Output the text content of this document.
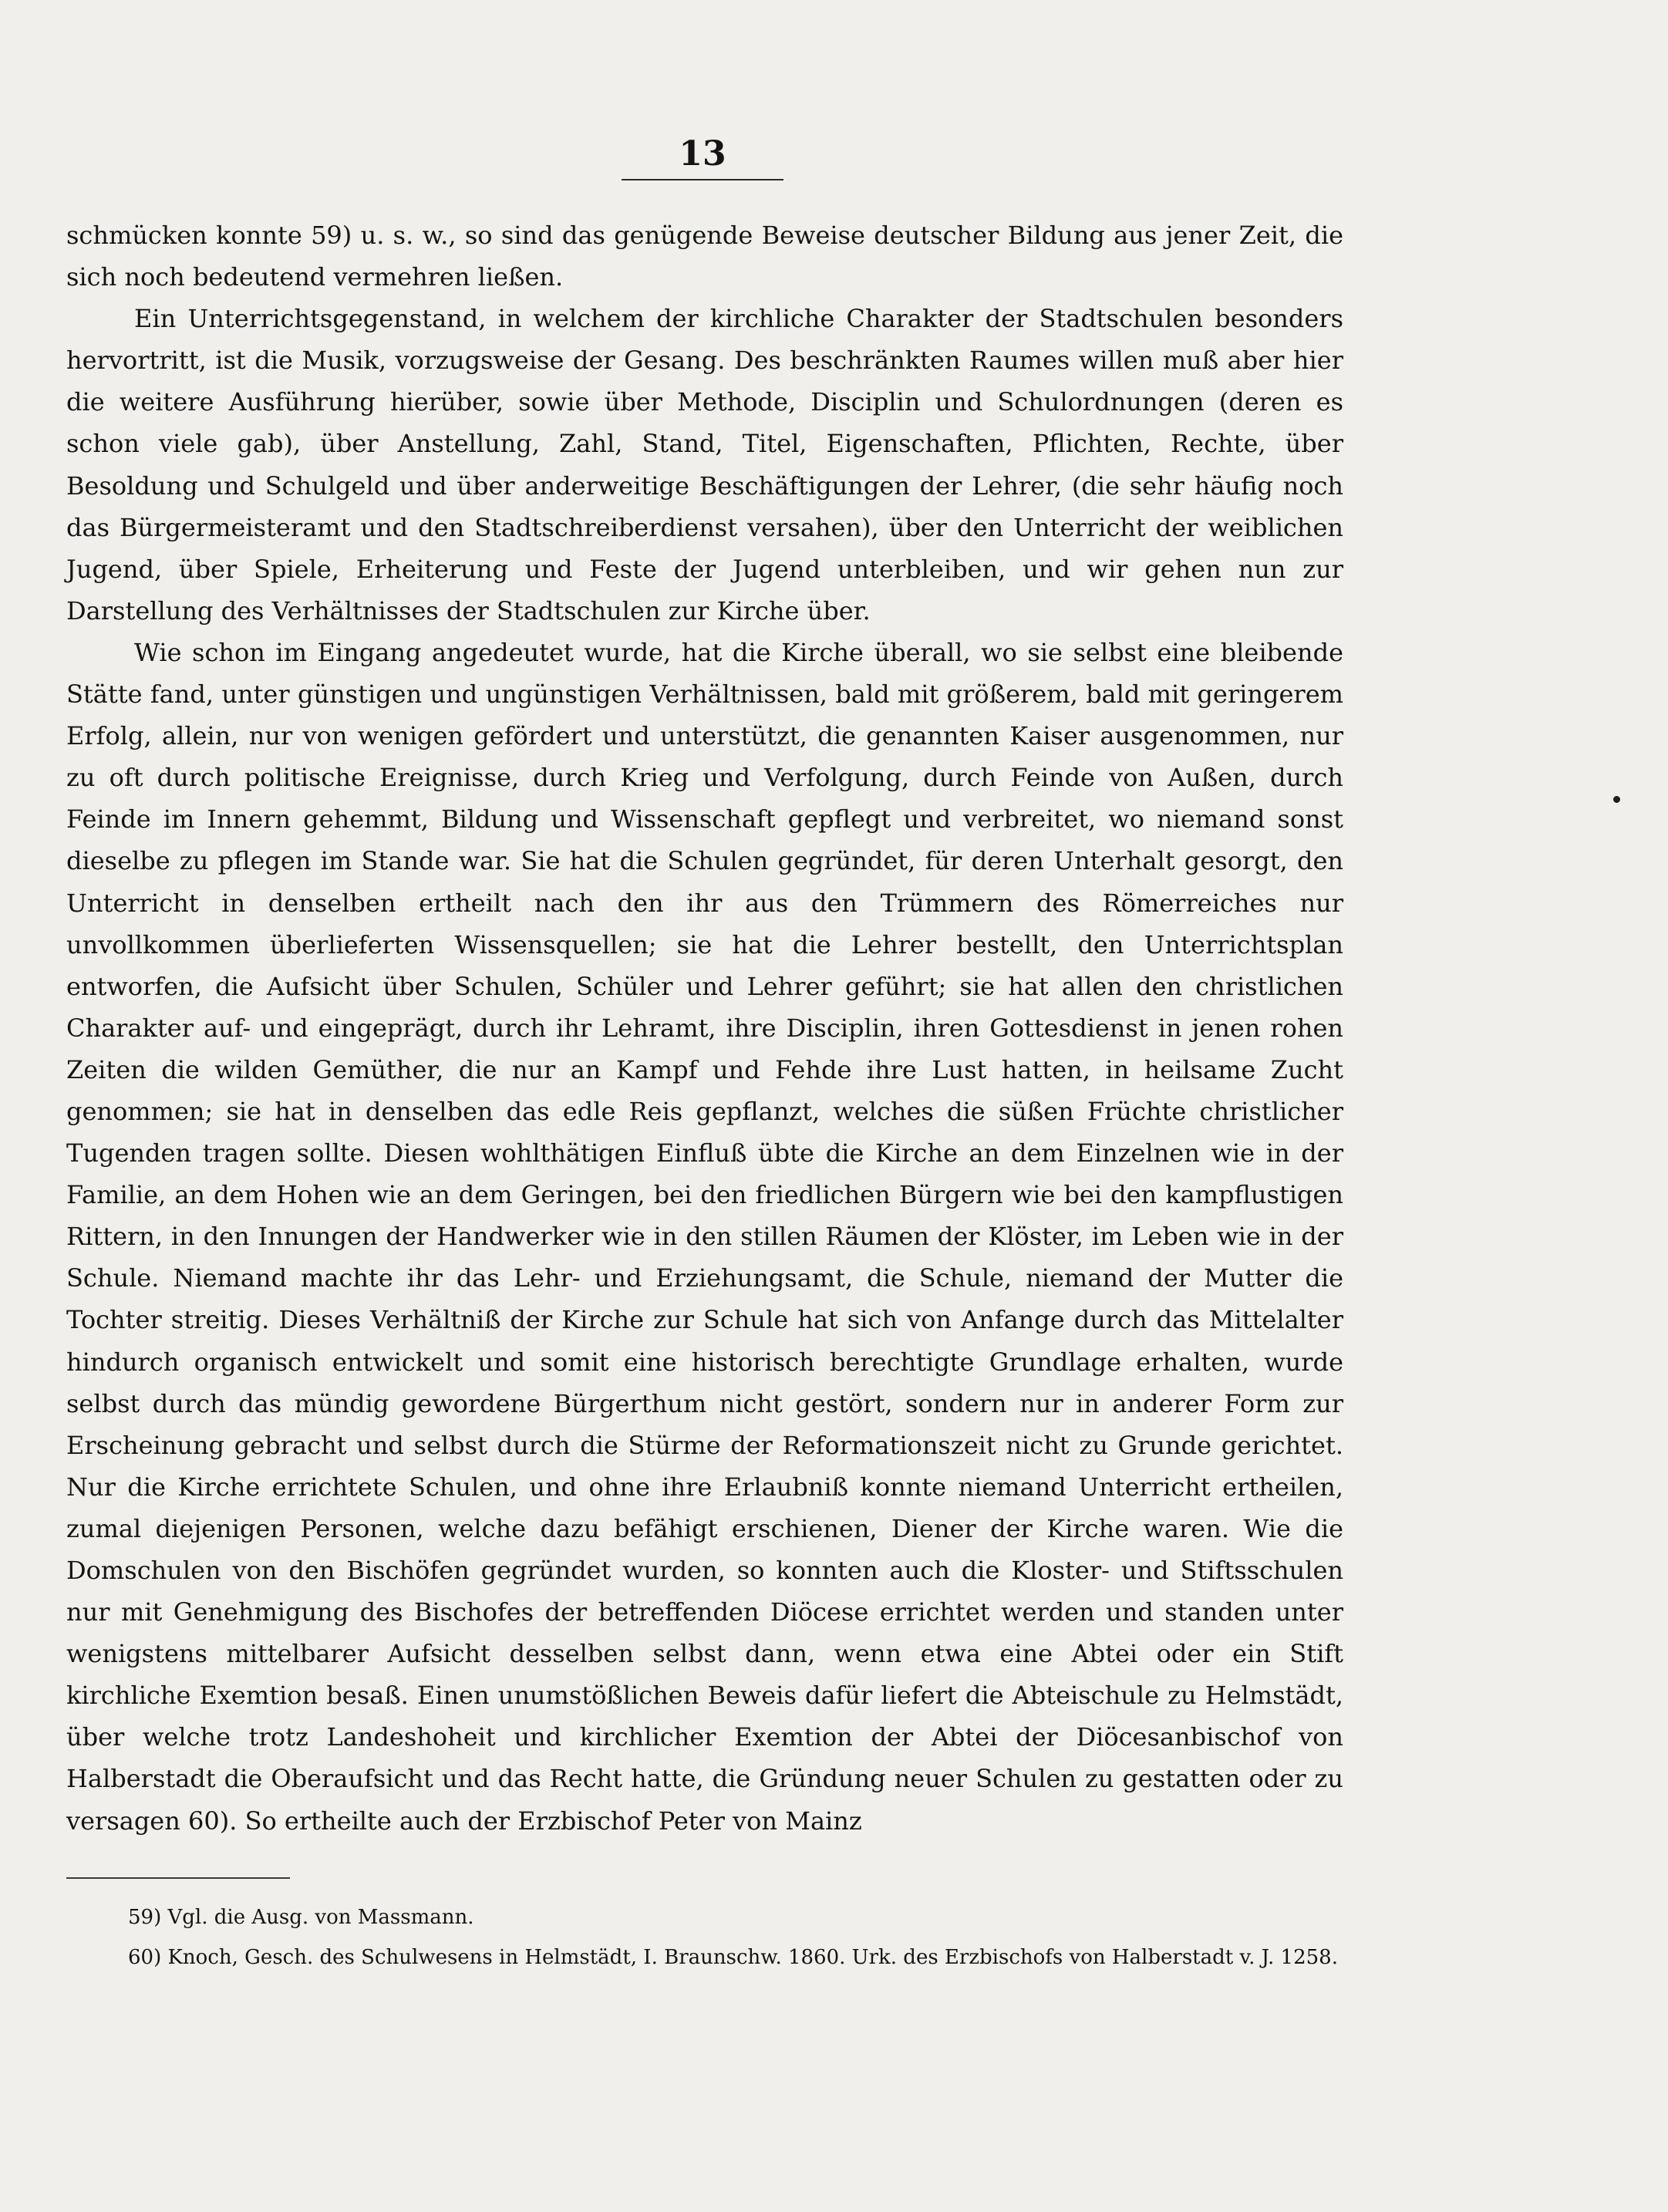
13

schmücken konnte 59) u. s. w., so sind das genügende Beweise deutscher Bildung aus jener Zeit, die sich noch bedeutend vermehren ließen.

Ein Unterrichtsgegenstand, in welchem der kirchliche Charakter der Stadtschulen besonders hervortritt, ist die Musik, vorzugsweise der Gesang. Des beschränkten Raumes willen muß aber hier die weitere Ausführung hierüber, sowie über Methode, Disciplin und Schulordnungen (deren es schon viele gab), über Anstellung, Zahl, Stand, Titel, Eigenschaften, Pflichten, Rechte, über Besoldung und Schulgeld und über anderweitige Beschäftigungen der Lehrer, (die sehr häufig noch das Bürgermeisteramt und den Stadtschreiberdienst versahen), über den Unterricht der weiblichen Jugend, über Spiele, Erheiterung und Feste der Jugend unterbleiben, und wir gehen nun zur Darstellung des Verhältnisses der Stadtschulen zur Kirche über.

Wie schon im Eingang angedeutet wurde, hat die Kirche überall, wo sie selbst eine bleibende Stätte fand, unter günstigen und ungünstigen Verhältnissen, bald mit größerem, bald mit geringerem Erfolg, allein, nur von wenigen gefördert und unterstützt, die genannten Kaiser ausgenommen, nur zu oft durch politische Ereignisse, durch Krieg und Verfolgung, durch Feinde von Außen, durch Feinde im Innern gehemmt, Bildung und Wissenschaft gepflegt und verbreitet, wo niemand sonst dieselbe zu pflegen im Stande war. Sie hat die Schulen gegründet, für deren Unterhalt gesorgt, den Unterricht in denselben ertheilt nach den ihr aus den Trümmern des Römerreiches nur unvollkommen überlieferten Wissensquellen; sie hat die Lehrer bestellt, den Unterrichtsplan entworfen, die Aufsicht über Schulen, Schüler und Lehrer geführt; sie hat allen den christlichen Charakter auf- und eingeprägt, durch ihr Lehramt, ihre Disciplin, ihren Gottesdienst in jenen rohen Zeiten die wilden Gemüther, die nur an Kampf und Fehde ihre Lust hatten, in heilsame Zucht genommen; sie hat in denselben das edle Reis gepflanzt, welches die süßen Früchte christlicher Tugenden tragen sollte. Diesen wohlthätigen Einfluß übte die Kirche an dem Einzelnen wie in der Familie, an dem Hohen wie an dem Geringen, bei den friedlichen Bürgern wie bei den kampflustigen Rittern, in den Innungen der Handwerker wie in den stillen Räumen der Klöster, im Leben wie in der Schule. Niemand machte ihr das Lehr- und Erziehungsamt, die Schule, niemand der Mutter die Tochter streitig. Dieses Verhältniß der Kirche zur Schule hat sich von Anfange durch das Mittelalter hindurch organisch entwickelt und somit eine historisch berechtigte Grundlage erhalten, wurde selbst durch das mündig gewordene Bürgerthum nicht gestört, sondern nur in anderer Form zur Erscheinung gebracht und selbst durch die Stürme der Reformationszeit nicht zu Grunde gerichtet. Nur die Kirche errichtete Schulen, und ohne ihre Erlaubniß konnte niemand Unterricht ertheilen, zumal diejenigen Personen, welche dazu befähigt erschienen, Diener der Kirche waren. Wie die Domschulen von den Bischöfen gegründet wurden, so konnten auch die Kloster- und Stiftsschulen nur mit Genehmigung des Bischofes der betreffenden Diöcese errichtet werden und standen unter wenigstens mittelbarer Aufsicht desselben selbst dann, wenn etwa eine Abtei oder ein Stift kirchliche Exemtion besaß. Einen unumstößlichen Beweis dafür liefert die Abteischule zu Helmstädt, über welche trotz Landeshoheit und kirchlicher Exemtion der Abtei der Diöcesanbischof von Halberstadt die Oberaufsicht und das Recht hatte, die Gründung neuer Schulen zu gestatten oder zu versagen 60). So ertheilte auch der Erzbischof Peter von Mainz

59) Vgl. die Ausg. von Massmann.

60) Knoch, Gesch. des Schulwesens in Helmstädt, I. Braunschw. 1860. Urk. des Erzbischofs von Halberstadt v. J. 1258.
